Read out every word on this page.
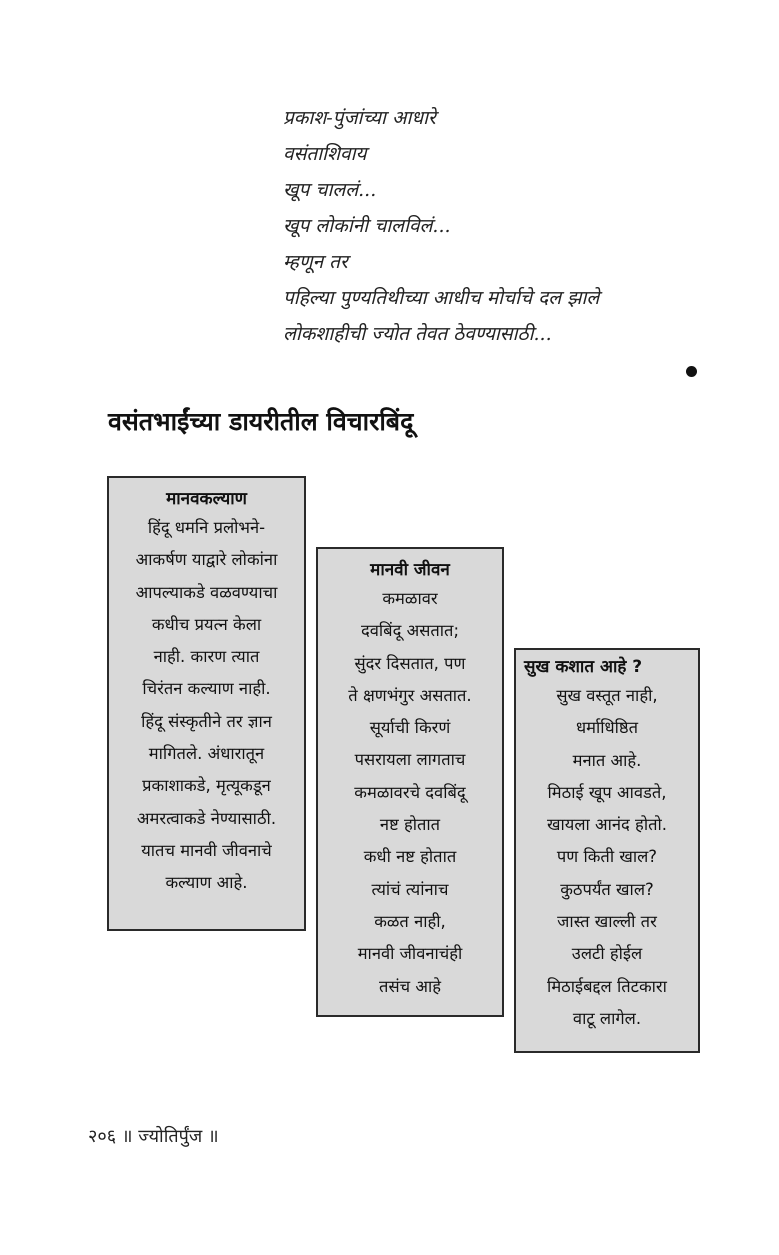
प्रकाश-पुंजांच्या आधारे
वसंताशिवाय
खूप चाललं...
खूप लोकांनी चालविलं...
म्हणून तर
पहिल्या पुण्यतिथीच्या आधीच मोर्चाचे दल झाले
लोकशाहीची ज्योत तेवत ठेवण्यासाठी...
वसंतभाईंच्या डायरीतील विचारबिंदू
मानवकल्याण
हिंदू धमनि प्रलोभने-
आकर्षण याद्वारे लोकांना
आपल्याकडे वळवण्याचा
कधीच प्रयत्न केला
नाही. कारण त्यात
चिरंतन कल्याण नाही.
हिंदू संस्कृतीने तर ज्ञान
मागितले. अंधारातून
प्रकाशाकडे, मृत्यूकडून
अमरत्वाकडे नेण्यासाठी.
यातच मानवी जीवनाचे
कल्याण आहे.
मानवी जीवन
कमळावर
दवबिंदू असतात;
सुंदर दिसतात, पण
ते क्षणभंगुर असतात.
सूर्याची किरणं
पसरायला लागताच
कमळावरचे दवबिंदू
नष्ट होतात
कधी नष्ट होतात
त्यांचं त्यांनाच
कळत नाही,
मानवी जीवनाचंही
तसंच आहे
सुख कशात आहे ?
सुख वस्तूत नाही,
धर्माधिष्ठित
मनात आहे.
मिठाई खूप आवडते,
खायला आनंद होतो.
पण किती खाल?
कुठपर्यंत खाल?
जास्त खाल्ली तर
उलटी होईल
मिठाईबद्दल तिटकारा
वाटू लागेल.
२०६ ॥ ज्योतिर्पुंज ॥
